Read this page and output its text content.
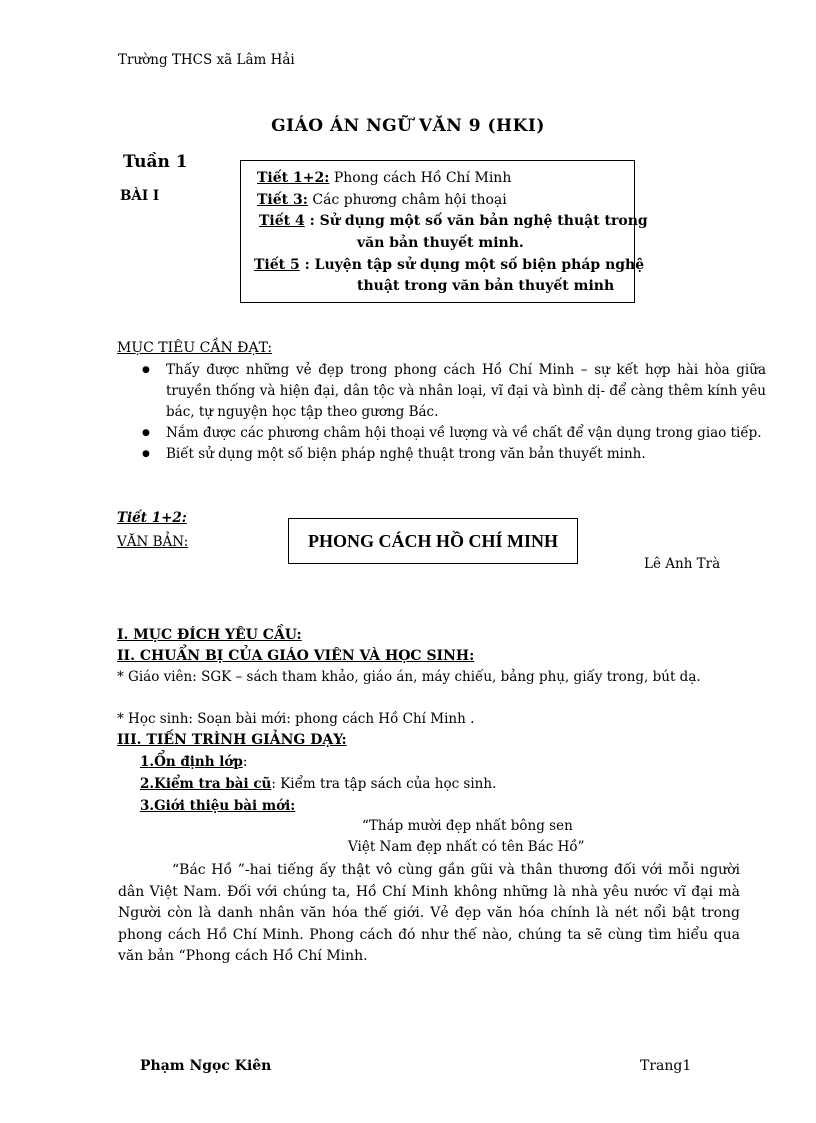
Trường THCS xã Lâm Hải
GIÁO ÁN NGỮ VĂN 9 (HKI)
Tuần 1
BÀI I
Tiết 1+2: Phong cách Hồ Chí Minh
Tiết 3: Các phương châm hội thoại
Tiết 4 : Sử dụng một số văn bản nghệ thuật trong
văn bản thuyết minh.
Tiết 5 : Luyện tập sử dụng một số biện pháp nghệ
thuật trong văn bản thuyết minh
MỤC TIÊU CẦN ĐẠT:
● Thấy được những vẻ đẹp trong phong cách Hồ Chí Minh – sự kết hợp hài hòa giữa truyền thống và hiện đại, dân tộc và nhân loại, vĩ đại và bình dị- để càng thêm kính yêu bác, tự nguyện học tập theo gương Bác.
● Nắm được các phương châm hội thoại về lượng và về chất để vận dụng trong giao tiếp.
● Biết sử dụng một số biện pháp nghệ thuật trong văn bản thuyết minh.
Tiết 1+2:
VĂN BẢN:	PHONG CÁCH HỒ CHÍ MINH
Lê Anh Trà
I. MỤC ĐÍCH YÊU CẦU:
II. CHUẨN BỊ CỦA GIÁO VIÊN VÀ HỌC SINH:
* Giáo viên: SGK – sách tham khảo, giáo án, máy chiếu, bảng phụ, giấy trong, bút dạ.
* Học sinh: Soạn bài mới: phong cách Hồ Chí Minh .
III. TIẾN TRÌNH GIẢNG DẠY:
1.Ổn định lớp:
2.Kiểm tra bài cũ: Kiểm tra tập sách của học sinh.
3.Giới thiệu bài mới:
“Tháp mười đẹp nhất bông sen
Việt Nam đẹp nhất có tên Bác Hồ”
“Bác Hồ ”-hai tiếng ấy thật vô cùng gần gũi và thân thương đối với mỗi người dân Việt Nam. Đối với chúng ta, Hồ Chí Minh không những là nhà yêu nước vĩ đại mà Người còn là danh nhân văn hóa thế giới. Vẻ đẹp văn hóa chính là nét nổi bật trong phong cách Hồ Chí Minh. Phong cách đó như thế nào, chúng ta sẽ cùng tìm hiểu qua văn bản “Phong cách Hồ Chí Minh.
Phạm Ngọc Kiên	Trang1
